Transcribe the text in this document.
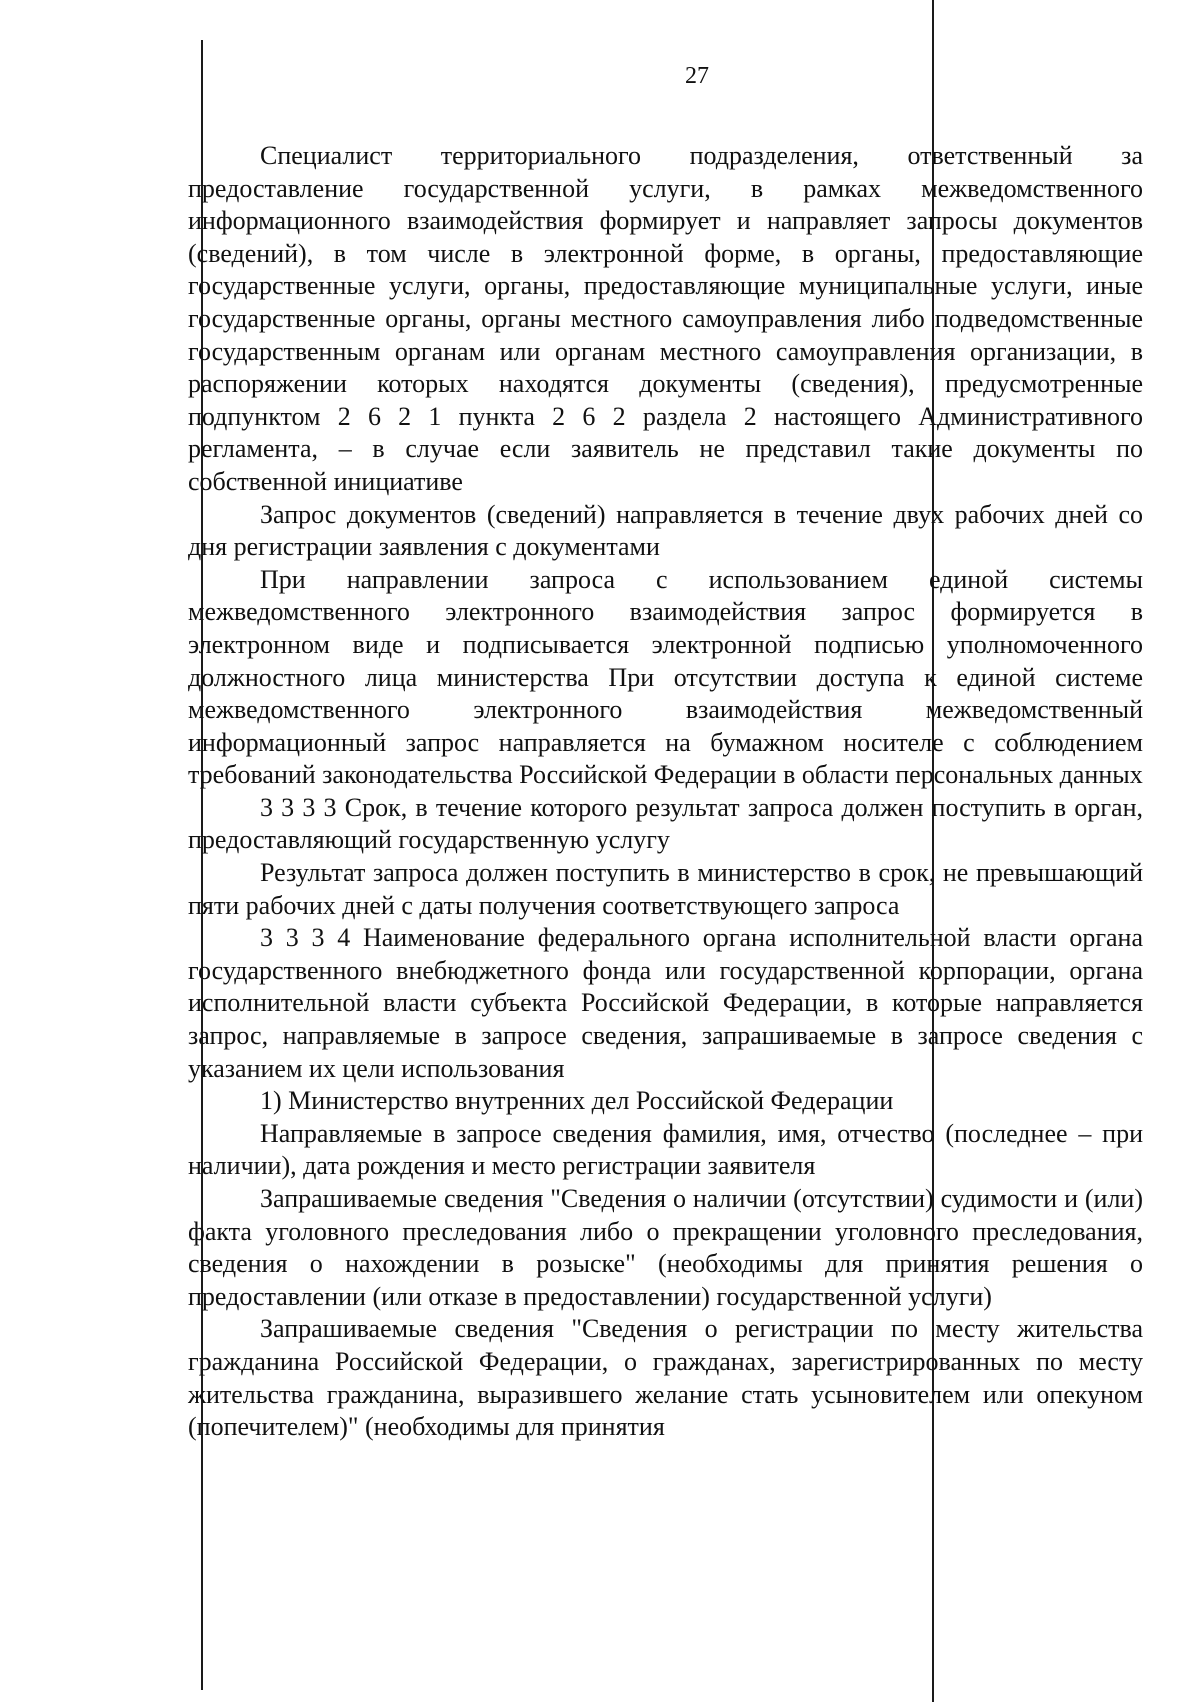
27

Специалист территориального подразделения, ответственный за предоставление государственной услуги, в рамках межведомственного информационного взаимодействия формирует и направляет запросы документов (сведений), в том числе в электронной форме, в органы, предоставляющие государственные услуги, органы, предоставляющие муниципальные услуги, иные государственные органы, органы местного самоуправления либо подведомственные государственным органам или органам местного самоуправления организации, в распоряжении которых находятся документы (сведения), предусмотренные подпунктом 2 6 2 1 пункта 2 6 2 раздела 2 настоящего Административного регламента, – в случае если заявитель не представил такие документы по собственной инициативе

Запрос документов (сведений) направляется в течение двух рабочих дней со дня регистрации заявления с документами

При направлении запроса с использованием единой системы межведомственного электронного взаимодействия запрос формируется в электронном виде и подписывается электронной подписью уполномоченного должностного лица министерства При отсутствии доступа к единой системе межведомственного электронного взаимодействия межведомственный информационный запрос направляется на бумажном носителе с соблюдением требований законодательства Российской Федерации в области персональных данных

3 3 3 3 Срок, в течение которого результат запроса должен поступить в орган, предоставляющий государственную услугу

Результат запроса должен поступить в министерство в срок, не превышающий пяти рабочих дней с даты получения соответствующего запроса

3 3 3 4 Наименование федерального органа исполнительной власти органа государственного внебюджетного фонда или государственной корпорации, органа исполнительной власти субъекта Российской Федерации, в которые направляется запрос, направляемые в запросе сведения, запрашиваемые в запросе сведения с указанием их цели использования

1) Министерство внутренних дел Российской Федерации

Направляемые в запросе сведения фамилия, имя, отчество (последнее – при наличии), дата рождения и место регистрации заявителя

Запрашиваемые сведения "Сведения о наличии (отсутствии) судимости и (или) факта уголовного преследования либо о прекращении уголовного преследования, сведения о нахождении в розыске" (необходимы для принятия решения о предоставлении (или отказе в предоставлении) государственной услуги)

Запрашиваемые сведения "Сведения о регистрации по месту жительства гражданина Российской Федерации, о гражданах, зарегистрированных по месту жительства гражданина, выразившего желание стать усыновителем или опекуном (попечителем)" (необходимы для принятия
